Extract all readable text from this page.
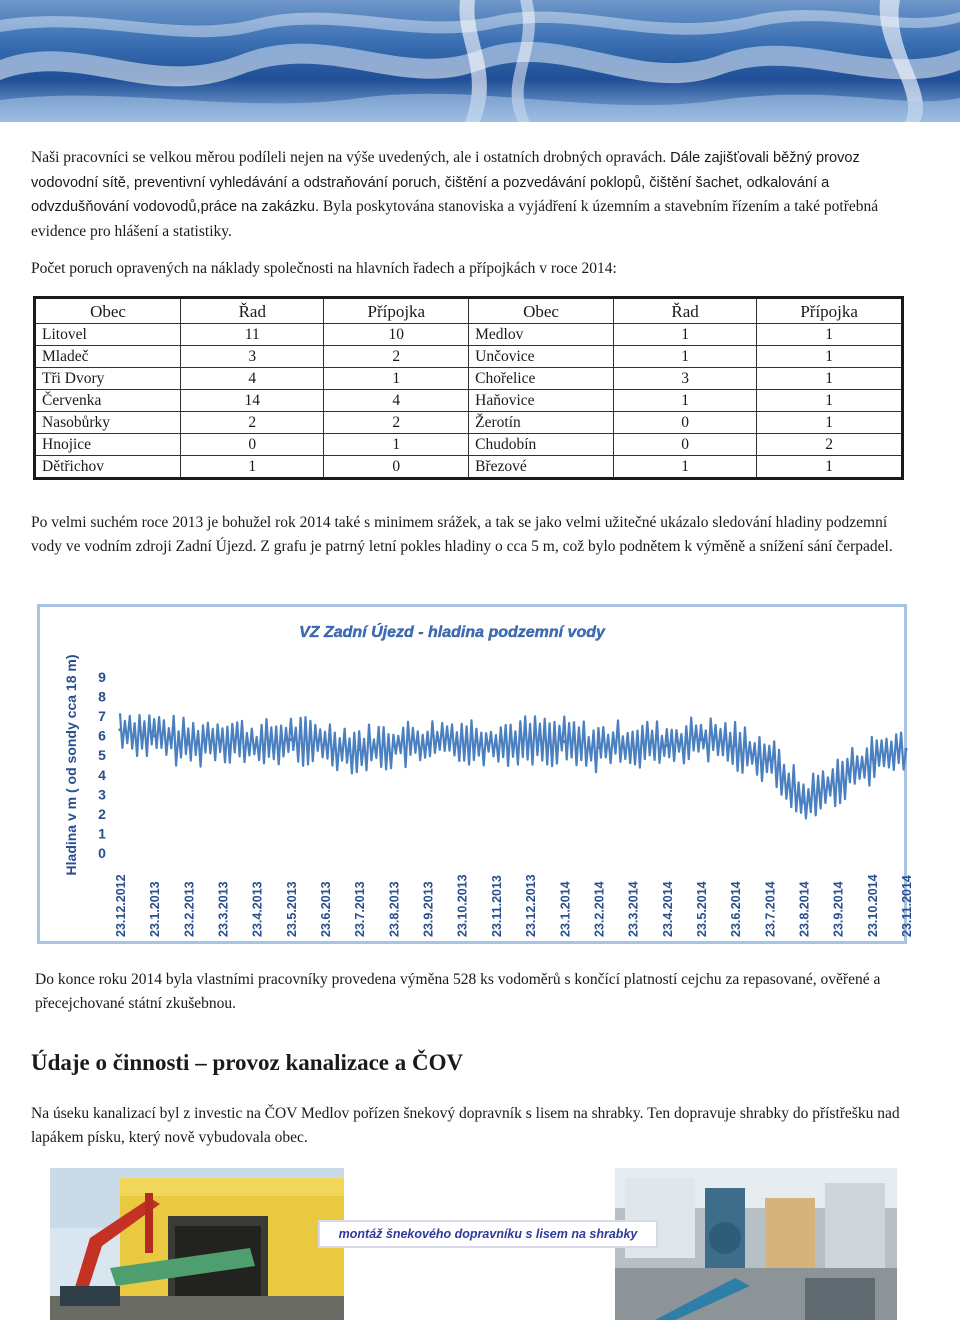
Naši pracovníci se velkou měrou podíleli nejen na výše uvedených, ale i ostatních drobných opravách. Dále zajišťovali běžný provoz vodovodní sítě, preventivní vyhledávání a odstraňování poruch, čištění a pozvedávání poklopů, čištění šachet, odkalování a odvzdušňování vodovodů,práce na zakázku. Byla poskytována stanoviska a vyjádření k územním a stavebním řízením a také potřebná evidence pro hlášení a statistiky.

Počet poruch opravených na náklady společnosti na hlavních řadech a přípojkách v roce 2014:

Obec	Řad	Přípojka	Obec	Řad	Přípojka
Litovel	11	10	Medlov	1	1
Mladeč	3	2	Unčovice	1	1
Tři Dvory	4	1	Chořelice	3	1
Červenka	14	4	Haňovice	1	1
Nasobůrky	2	2	Žerotín	0	1
Hnojice	0	1	Chudobín	0	2
Dětřichov	1	0	Březové	1	1

Po velmi suchém roce 2013 je bohužel rok 2014 také s minimem srážek, a tak se jako velmi užitečné ukázalo sledování hladiny podzemní vody ve vodním zdroji Zadní Újezd. Z grafu je patrný letní pokles hladiny o cca 5 m, což bylo podnětem k výměně a snížení sání čerpadel.

VZ Zadní Újezd - hladina podzemní vody
Hladina v m ( od sondy cca 18 m) 0
1
2
3
4
5
6
7
8
9
23.12.2012 23.1.2013 23.2.2013 23.3.2013 23.4.2013 23.5.2013 23.6.2013 23.7.2013 23.8.2013 23.9.2013 23.10.2013 23.11.2013 23.12.2013 23.1.2014 23.2.2014 23.3.2014 23.4.2014 23.5.2014 23.6.2014 23.7.2014 23.8.2014 23.9.2014 23.10.2014 23.11.2014

Do konce roku 2014 byla vlastními pracovníky provedena výměna 528 ks vodoměrů s končící platností cejchu za repasované, ověřené a přecejchované státní zkušebnou.

Údaje o činnosti – provoz kanalizace a ČOV

Na úseku kanalizací byl z investic na ČOV Medlov pořízen šnekový dopravník s lisem na shrabky. Ten dopravuje shrabky do přístřešku nad lapákem písku, který nově vybudovala obec.

montáž šnekového dopravníku s lisem na shrabky
